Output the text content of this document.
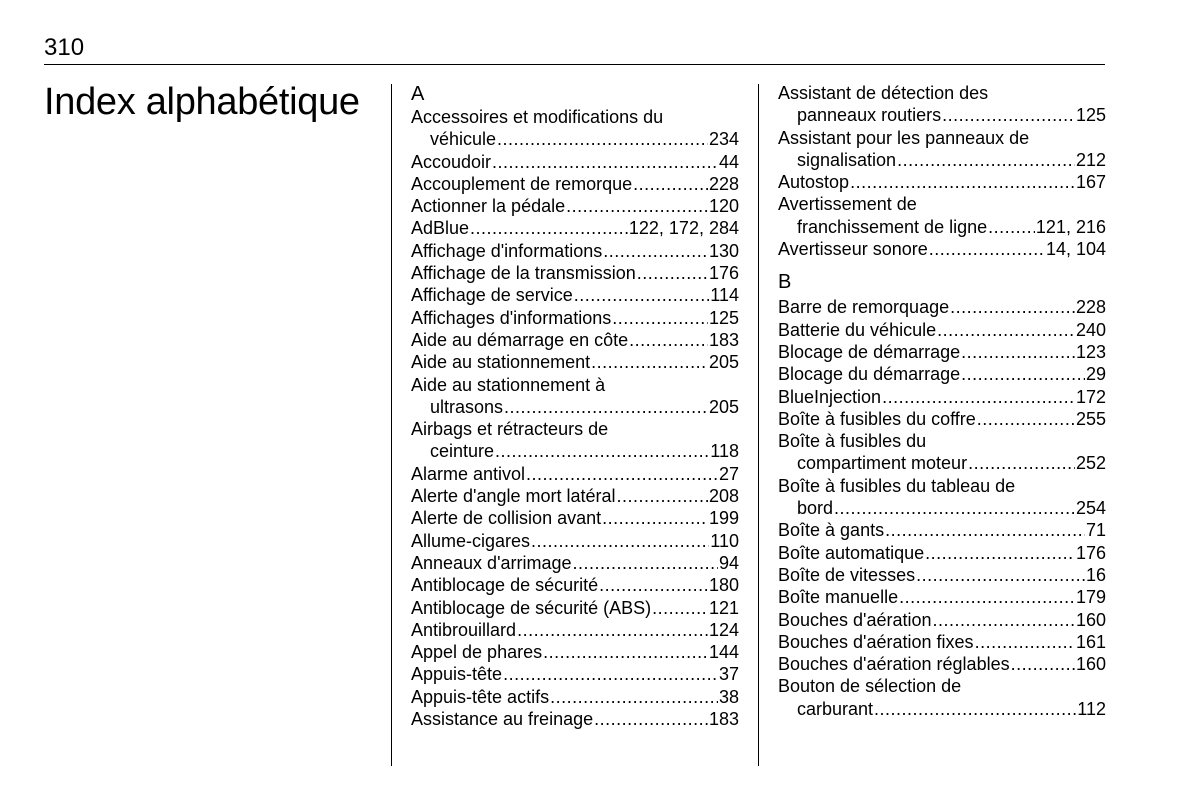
310
Index alphabétique	A
Accessoires et modifications du
véhicule .....	234
Accoudoir .....	44
Accouplement de remorque .....	228
Actionner la pédale .....	120
AdBlue .....	122, 172, 284
Affichage d'informations .....	130
Affichage de la transmission .....	176
Affichage de service .....	114
Affichages d'informations .....	125
Aide au démarrage en côte .....	183
Aide au stationnement .....	205
Aide au stationnement à
ultrasons .....	205
Airbags et rétracteurs de
ceinture .....	118
Alarme antivol .....	27
Alerte d'angle mort latéral .....	208
Alerte de collision avant .....	199
Allume-cigares .....	110
Anneaux d'arrimage .....	94
Antiblocage de sécurité .....	180
Antiblocage de sécurité (ABS) .....	121
Antibrouillard .....	124
Appel de phares .....	144
Appuis-tête .....	37
Appuis-tête actifs .....	38
Assistance au freinage .....	183
Assistant de détection des
panneaux routiers .....	125
Assistant pour les panneaux de
signalisation .....	212
Autostop .....	167
Avertissement de
franchissement de ligne .....	121, 216
Avertisseur sonore .....	14, 104
B
Barre de remorquage .....	228
Batterie du véhicule .....	240
Blocage de démarrage .....	123
Blocage du démarrage .....	29
BlueInjection .....	172
Boîte à fusibles du coffre .....	255
Boîte à fusibles du
compartiment moteur .....	252
Boîte à fusibles du tableau de
bord .....	254
Boîte à gants .....	71
Boîte automatique .....	176
Boîte de vitesses .....	16
Boîte manuelle .....	179
Bouches d'aération .....	160
Bouches d'aération fixes .....	161
Bouches d'aération réglables .....	160
Bouton de sélection de
carburant .....	112
